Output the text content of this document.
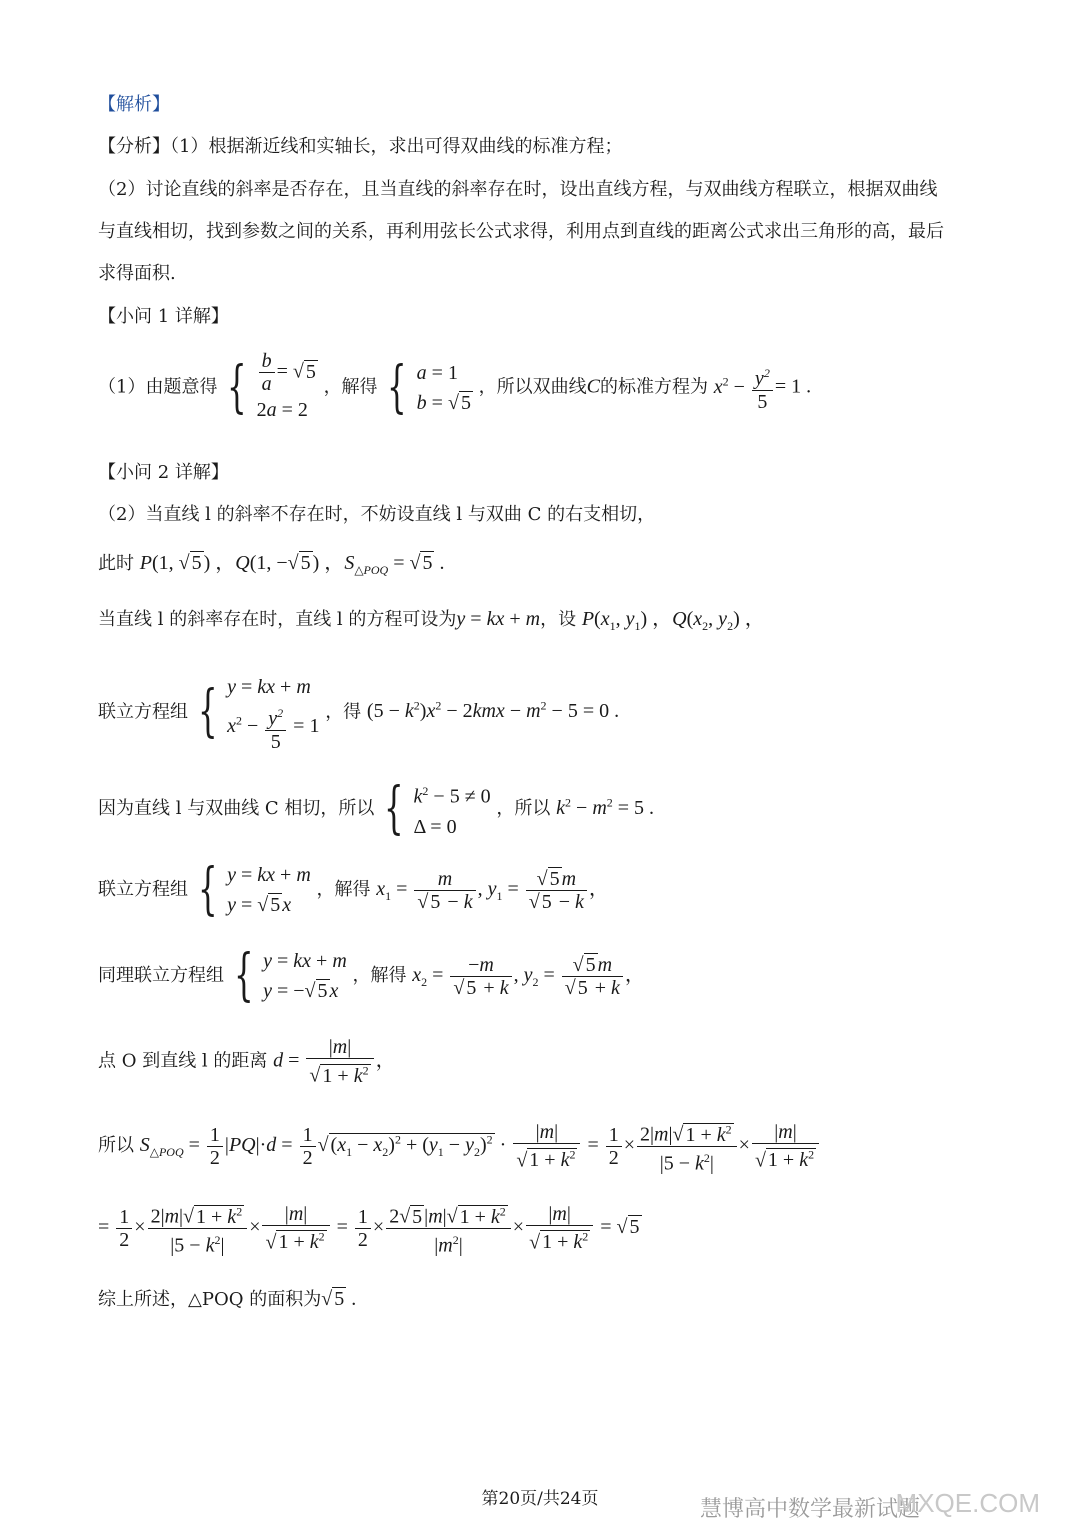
【解析】
【分析】（1）根据渐近线和实轴长，求出可得双曲线的标准方程；
（2）讨论直线的斜率是否存在，且当直线的斜率存在时，设出直线方程，与双曲线方程联立，根据双曲线
与直线相切，找到参数之间的关系，再利用弦长公式求得，利用点到直线的距离公式求出三角形的高，最后
求得面积.
【小问 1 详解】
（1）由题意得 { $\frac{b}{a}$ = √ 5
2a = 2
，解得 { a = 1
b = √ 5
，所以双曲线C的标准方程为 $x^2 - \frac{y^2}{5} = 1$ .
【小问 2 详解】
（2）当直线 l 的斜率不存在时，不妨设直线 l 与双曲 C 的右支相切，
此时 P(1, √ 5 ) ，Q(1, −√ 5 ) ，$S_{\triangle POQ}$ = √ 5 .
当直线 l 的斜率存在时，直线 l 的方程可设为y = kx + m，设 $P(x_1$, $y_1$) ，$Q(x_2$, $y_2$) ，
联立方程组 { y = kx + m
$x^2 - \frac{y^2}{5} = 1$
，得 $(5 - k^2)x^2 - 2kmx - m^2 - 5 = 0$ .
因为直线 l 与双曲线 C 相切，所以 { $k^2 - 5 \ne 0$
Δ = 0
，所以 $k^2 - m^2 = 5$ .
联立方程组 { y = kx + m
y = √ 5 x
，解得 $x_1 = \frac{m}{√ 5 - k}$ , $y_1 = \frac{√ 5 m}{√ 5 - k}$ ，
同理联立方程组 { y = kx + m
y = −√ 5 x
，解得 $x_2 = \frac{-m}{√ 5 + k}$ , $y_2 = \frac{√ 5 m}{√ 5 + k}$ ，
点 O 到直线 l 的距离 $d = \frac{|m|}{√ 1 + k^2}$ ，
所以 $S_{\triangle POQ} = \frac{1}{2} |PQ|\cdot d = \frac{1}{2}$ √ $(x_1 - x_2)^2 + (y_1 - y_2)^2 \cdot \frac{|m|}{√ 1 + k^2} = \frac{1}{2} \times \frac{2|m|√ 1 + k^2}{|5 - k^2|} \times \frac{|m|}{√ 1 + k^2}$
= $\frac{1}{2} \times \frac{2|m|√ 1 + k^2}{|5 - k^2|} \times \frac{|m|}{√ 1 + k^2} = \frac{1}{2} \times \frac{2√ 5 |m|√ 1 + k^2}{|m^2|} \times \frac{|m|}{√ 1 + k^2}$ = √ 5
综上所述，△POQ 的面积为√ 5 .
第20页/共24页	慧博高中数学最新试题
MXQE.COM
